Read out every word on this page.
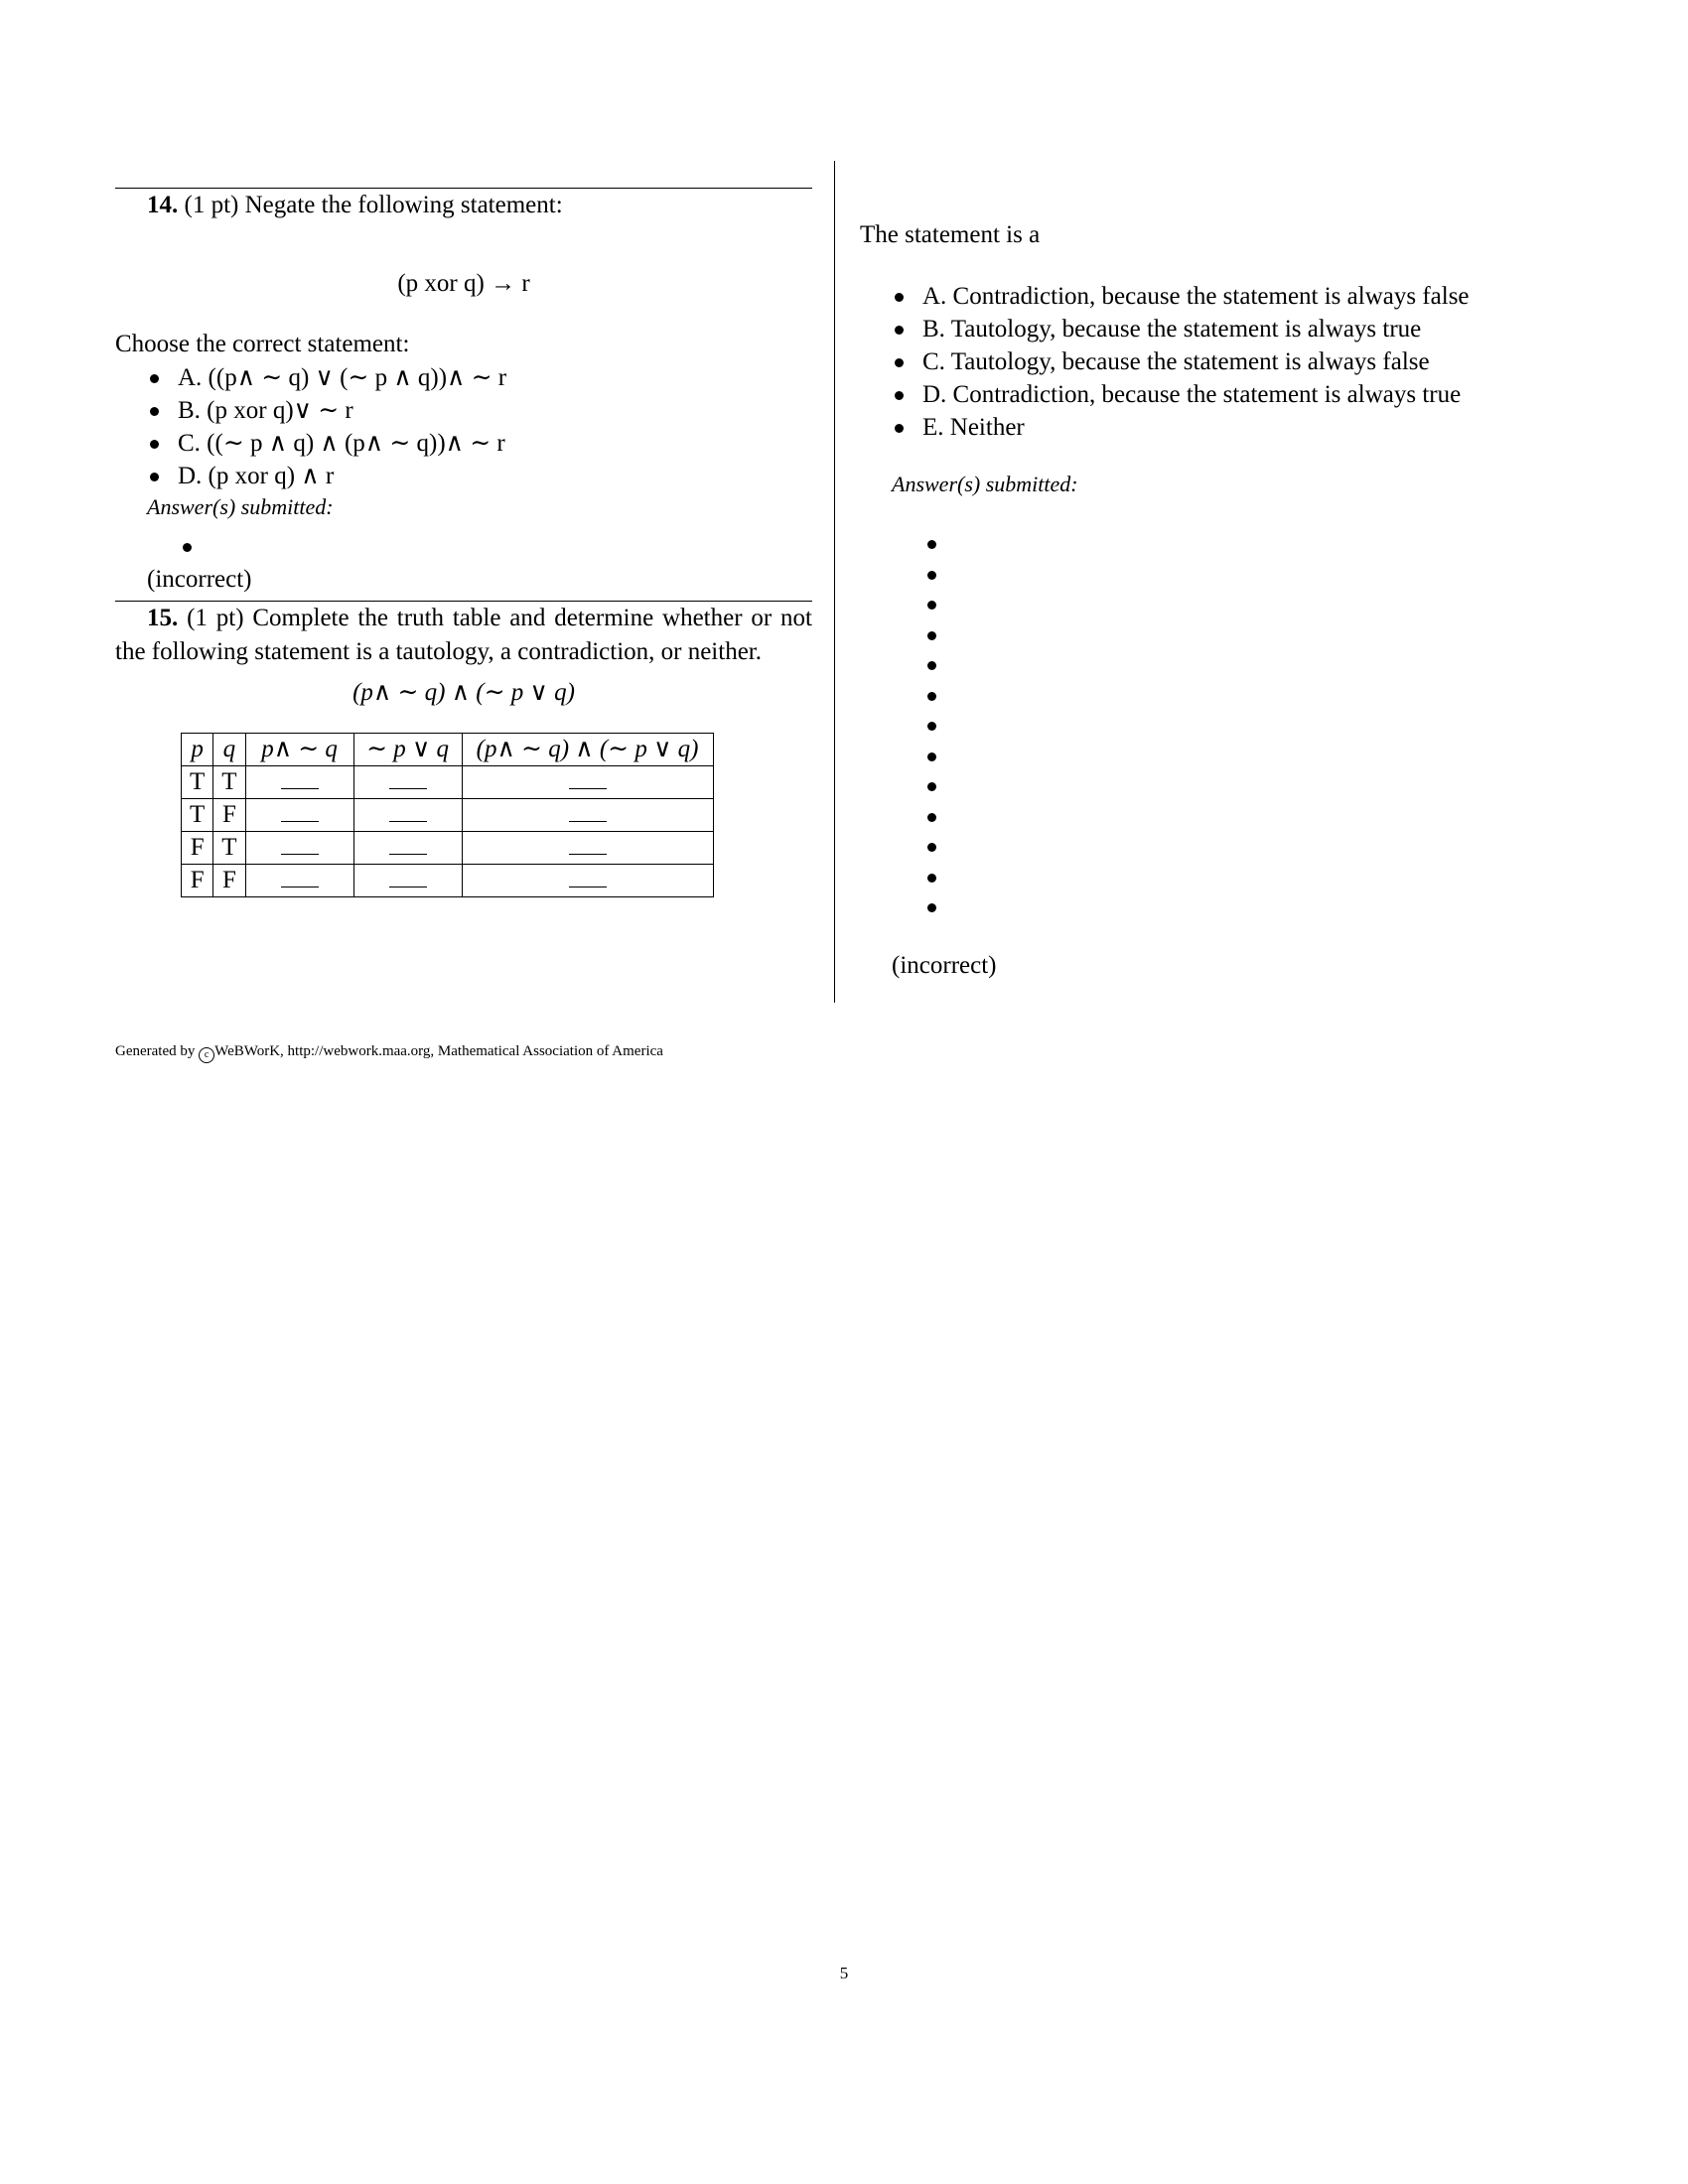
14. (1 pt) Negate the following statement:

(p xor q) → r

Choose the correct statement:

A. ((p∧ ∼ q) ∨ (∼ p ∧ q))∧ ∼ r
B. (p xor q)∨ ∼ r
C. ((∼ p ∧ q) ∧ (p∧ ∼ q))∧ ∼ r
D. (p xor q) ∧ r

Answer(s) submitted:

(incorrect)

15. (1 pt) Complete the truth table and determine whether or not the following statement is a tautology, a contradiction, or neither.

(p∧ ∼ q) ∧ (∼ p ∨ q)

p	q	p∧ ∼ q	∼ p ∨ q	(p∧ ∼ q) ∧ (∼ p ∨ q)
T	T			
T	F			
F	T			
F	F			

The statement is a

A. Contradiction, because the statement is always false
B. Tautology, because the statement is always true
C. Tautology, because the statement is always false
D. Contradiction, because the statement is always true
E. Neither

Answer(s) submitted:

(incorrect)

Generated by c WeBWorK, http://webwork.maa.org, Mathematical Association of America
5
